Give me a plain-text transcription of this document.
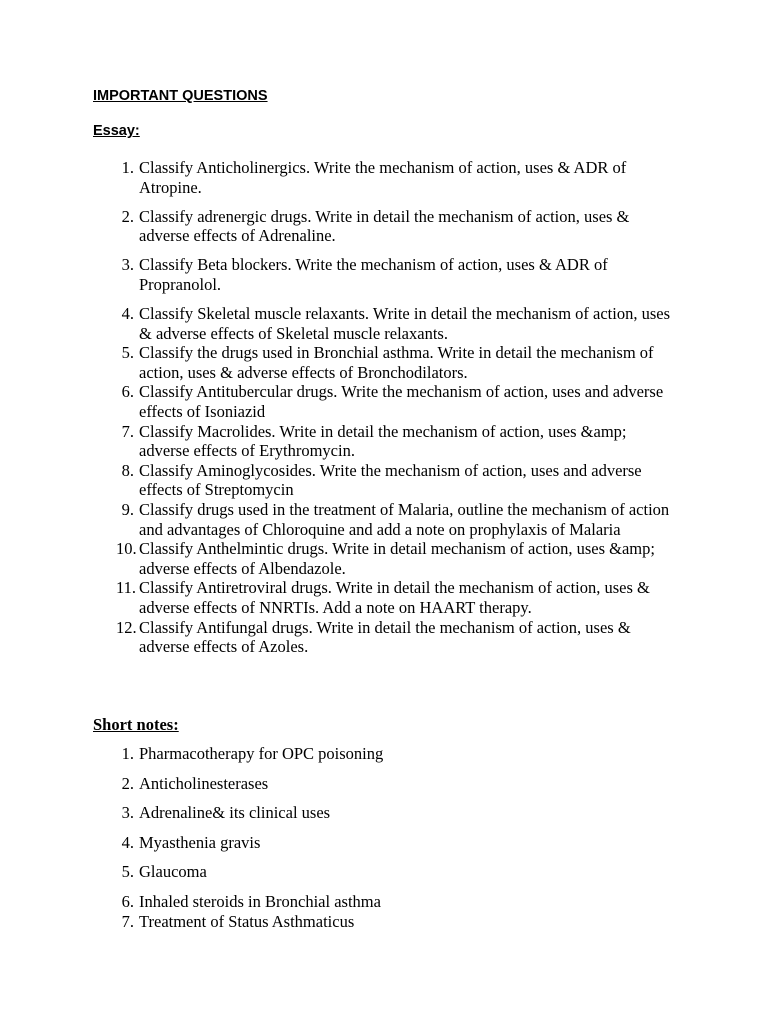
IMPORTANT QUESTIONS
Essay:
1. Classify Anticholinergics. Write the mechanism of action, uses & ADR of Atropine.
2. Classify adrenergic drugs. Write in detail the mechanism of action, uses & adverse effects of Adrenaline.
3. Classify Beta blockers. Write the mechanism of action, uses & ADR of Propranolol.
4. Classify Skeletal muscle relaxants. Write in detail the mechanism of action, uses & adverse effects of Skeletal muscle relaxants.
5. Classify the drugs used in Bronchial asthma. Write in detail the mechanism of action, uses & adverse effects of Bronchodilators.
6. Classify Antitubercular drugs. Write the mechanism of action, uses and adverse effects of Isoniazid
7. Classify Macrolides. Write in detail the mechanism of action, uses &amp; adverse effects of Erythromycin.
8. Classify Aminoglycosides. Write the mechanism of action, uses and adverse effects of Streptomycin
9. Classify drugs used in the treatment of Malaria, outline the mechanism of action and advantages of Chloroquine and add a note on prophylaxis of Malaria
10. Classify Anthelmintic drugs. Write in detail mechanism of action, uses &amp; adverse effects of Albendazole.
11. Classify Antiretroviral drugs. Write in detail the mechanism of action, uses & adverse effects of NNRTIs. Add a note on HAART therapy.
12. Classify Antifungal drugs. Write in detail the mechanism of action, uses & adverse effects of Azoles.
Short notes:
1. Pharmacotherapy for OPC poisoning
2. Anticholinesterases
3. Adrenaline& its clinical uses
4. Myasthenia gravis
5. Glaucoma
6. Inhaled steroids in Bronchial asthma
7. Treatment of Status Asthmaticus
